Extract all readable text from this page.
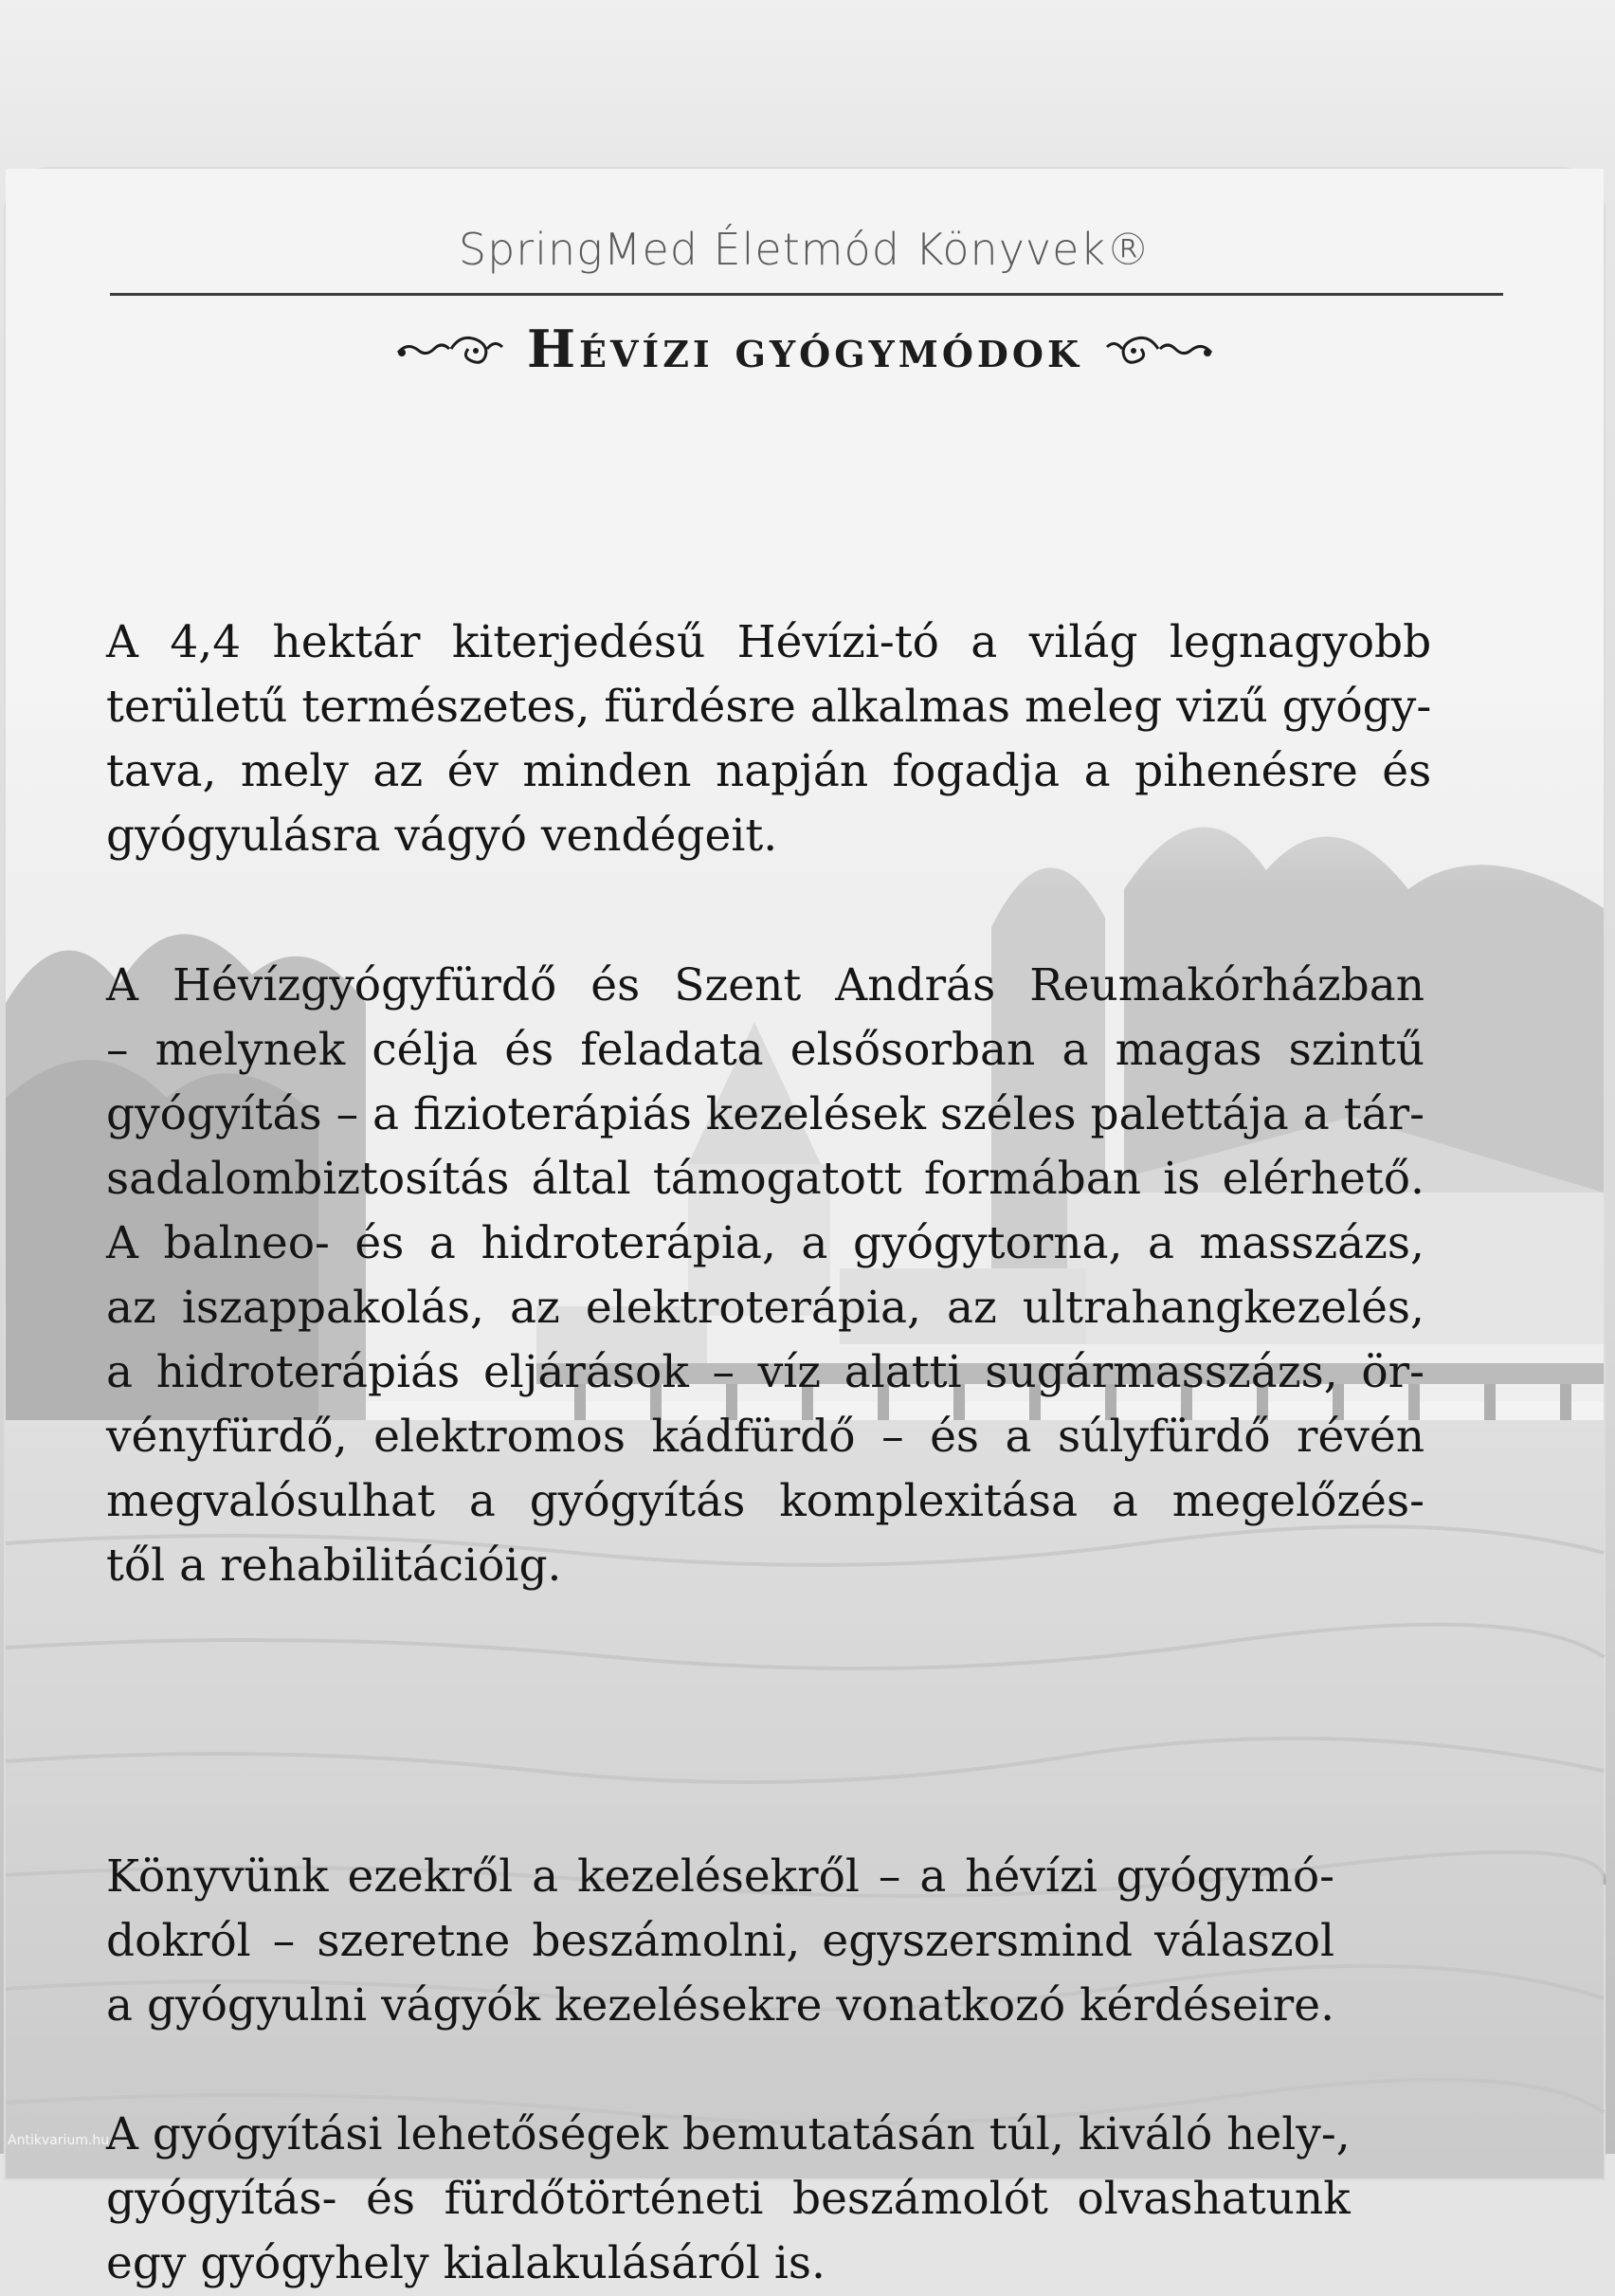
SpringMed Életmód Könyvek®
Hévízi gyógymódok

A 4,4 hektár kiterjedésű Hévízi-tó a világ legnagyobb
területű természetes, fürdésre alkalmas meleg vizű gyógy-
tava, mely az év minden napján fogadja a pihenésre és
gyógyulásra vágyó vendégeit.

A Hévízgyógyfürdő és Szent András Reumakórházban
– melynek célja és feladata elsősorban a magas szintű
gyógyítás – a fizioterápiás kezelések széles palettája a tár-
sadalombiztosítás által támogatott formában is elérhető.
A balneo- és a hidroterápia, a gyógytorna, a masszázs,
az iszappakolás, az elektroterápia, az ultrahangkezelés,
a hidroterápiás eljárások – víz alatti sugármasszázs, ör-
vényfürdő, elektromos kádfürdő – és a súlyfürdő révén
megvalósulhat a gyógyítás komplexitása a megelőzés-
től a rehabilitációig.

Könyvünk ezekről a kezelésekről – a hévízi gyógymó-
dokról – szeretne beszámolni, egyszersmind válaszol
a gyógyulni vágyók kezelésekre vonatkozó kérdéseire.

A gyógyítási lehetőségek bemutatásán túl, kiváló hely-,
gyógyítás- és fürdőtörténeti beszámolót olvashatunk
egy gyógyhely kialakulásáról is.

Antikvarium.hu
